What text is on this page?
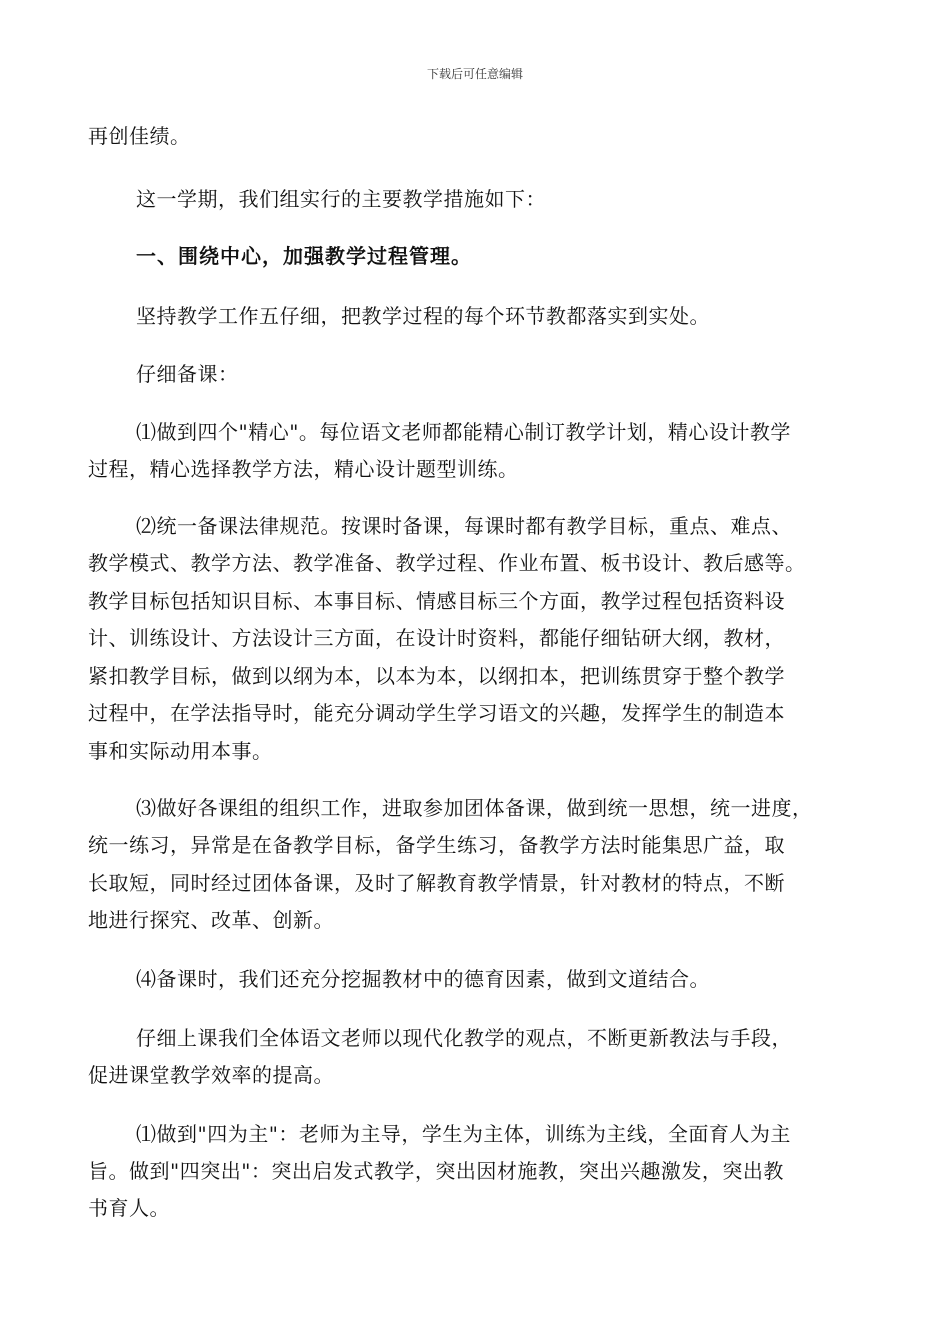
下载后可任意编辑
再创佳绩。
这一学期，我们组实行的主要教学措施如下：
一、围绕中心，加强教学过程管理。
坚持教学工作五仔细，把教学过程的每个环节教都落实到实处。
仔细备课：
⑴做到四个"精心"。每位语文老师都能精心制订教学计划，精心设计教学
过程，精心选择教学方法，精心设计题型训练。
⑵统一备课法律规范。按课时备课，每课时都有教学目标，重点、难点、
教学模式、教学方法、教学准备、教学过程、作业布置、板书设计、教后感等。
教学目标包括知识目标、本事目标、情感目标三个方面，教学过程包括资料设
计、训练设计、方法设计三方面，在设计时资料，都能仔细钻研大纲，教材，
紧扣教学目标，做到以纲为本，以本为本，以纲扣本，把训练贯穿于整个教学
过程中，在学法指导时，能充分调动学生学习语文的兴趣，发挥学生的制造本
事和实际动用本事。
⑶做好各课组的组织工作，进取参加团体备课，做到统一思想，统一进度，
统一练习，异常是在备教学目标，备学生练习，备教学方法时能集思广益，取
长取短，同时经过团体备课，及时了解教育教学情景，针对教材的特点，不断
地进行探究、改革、创新。
⑷备课时，我们还充分挖掘教材中的德育因素，做到文道结合。
仔细上课我们全体语文老师以现代化教学的观点，不断更新教法与手段，
促进课堂教学效率的提高。
⑴做到"四为主"：老师为主导，学生为主体，训练为主线，全面育人为主
旨。做到"四突出"：突出启发式教学，突出因材施教，突出兴趣激发，突出教
书育人。
